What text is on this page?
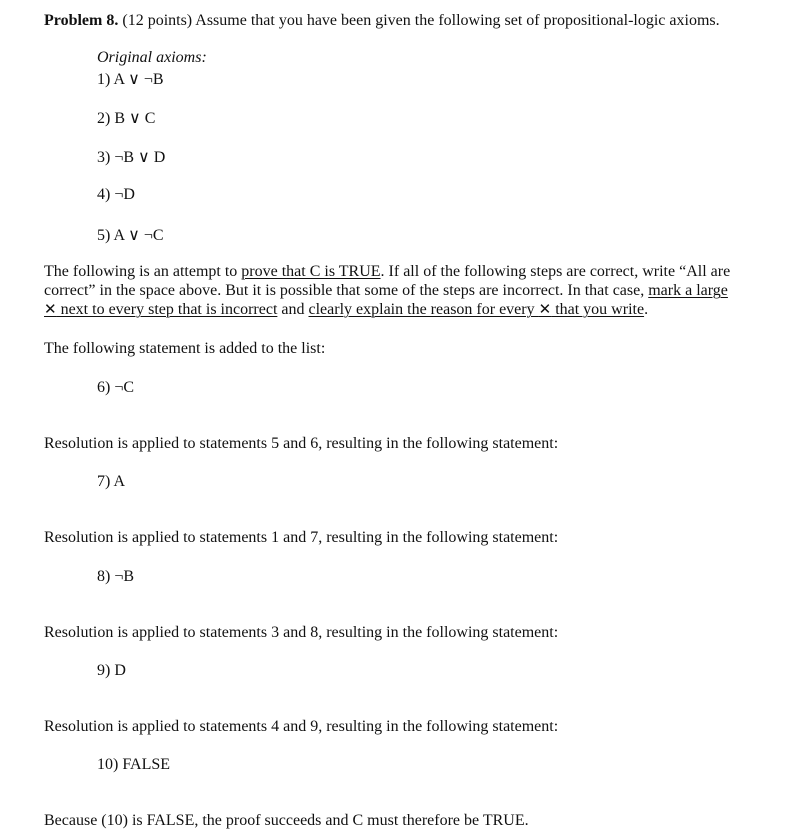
Problem 8. (12 points) Assume that you have been given the following set of propositional-logic axioms.
Original axioms:
1) A ∨ ¬B
2) B ∨ C
3) ¬B ∨ D
4) ¬D
5) A ∨ ¬C
The following is an attempt to prove that C is TRUE. If all of the following steps are correct, write “All are correct” in the space above. But it is possible that some of the steps are incorrect. In that case, mark a large ✕ next to every step that is incorrect and clearly explain the reason for every ✕ that you write.
The following statement is added to the list:
6) ¬C
Resolution is applied to statements 5 and 6, resulting in the following statement:
7) A
Resolution is applied to statements 1 and 7, resulting in the following statement:
8) ¬B
Resolution is applied to statements 3 and 8, resulting in the following statement:
9) D
Resolution is applied to statements 4 and 9, resulting in the following statement:
10) FALSE
Because (10) is FALSE, the proof succeeds and C must therefore be TRUE.
